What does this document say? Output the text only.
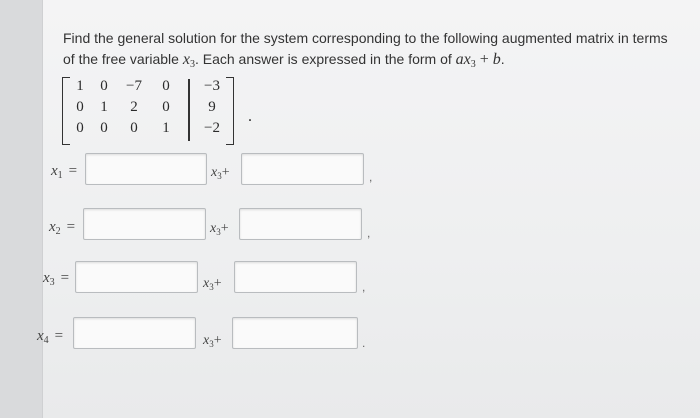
Find the general solution for the system corresponding to the following augmented matrix in terms
of the free variable $x_3$. Each answer is expressed in the form of $ax_3 + b$.
1	0	−7	0	−3
0	1	2	0	9
0	0	0	1	−2
.
$x_1$ =	$x_3+$	,
$x_2$ =	$x_3+$	,
$x_3$ =	$x_3+$	,
$x_4$ =	$x_3+$	.
